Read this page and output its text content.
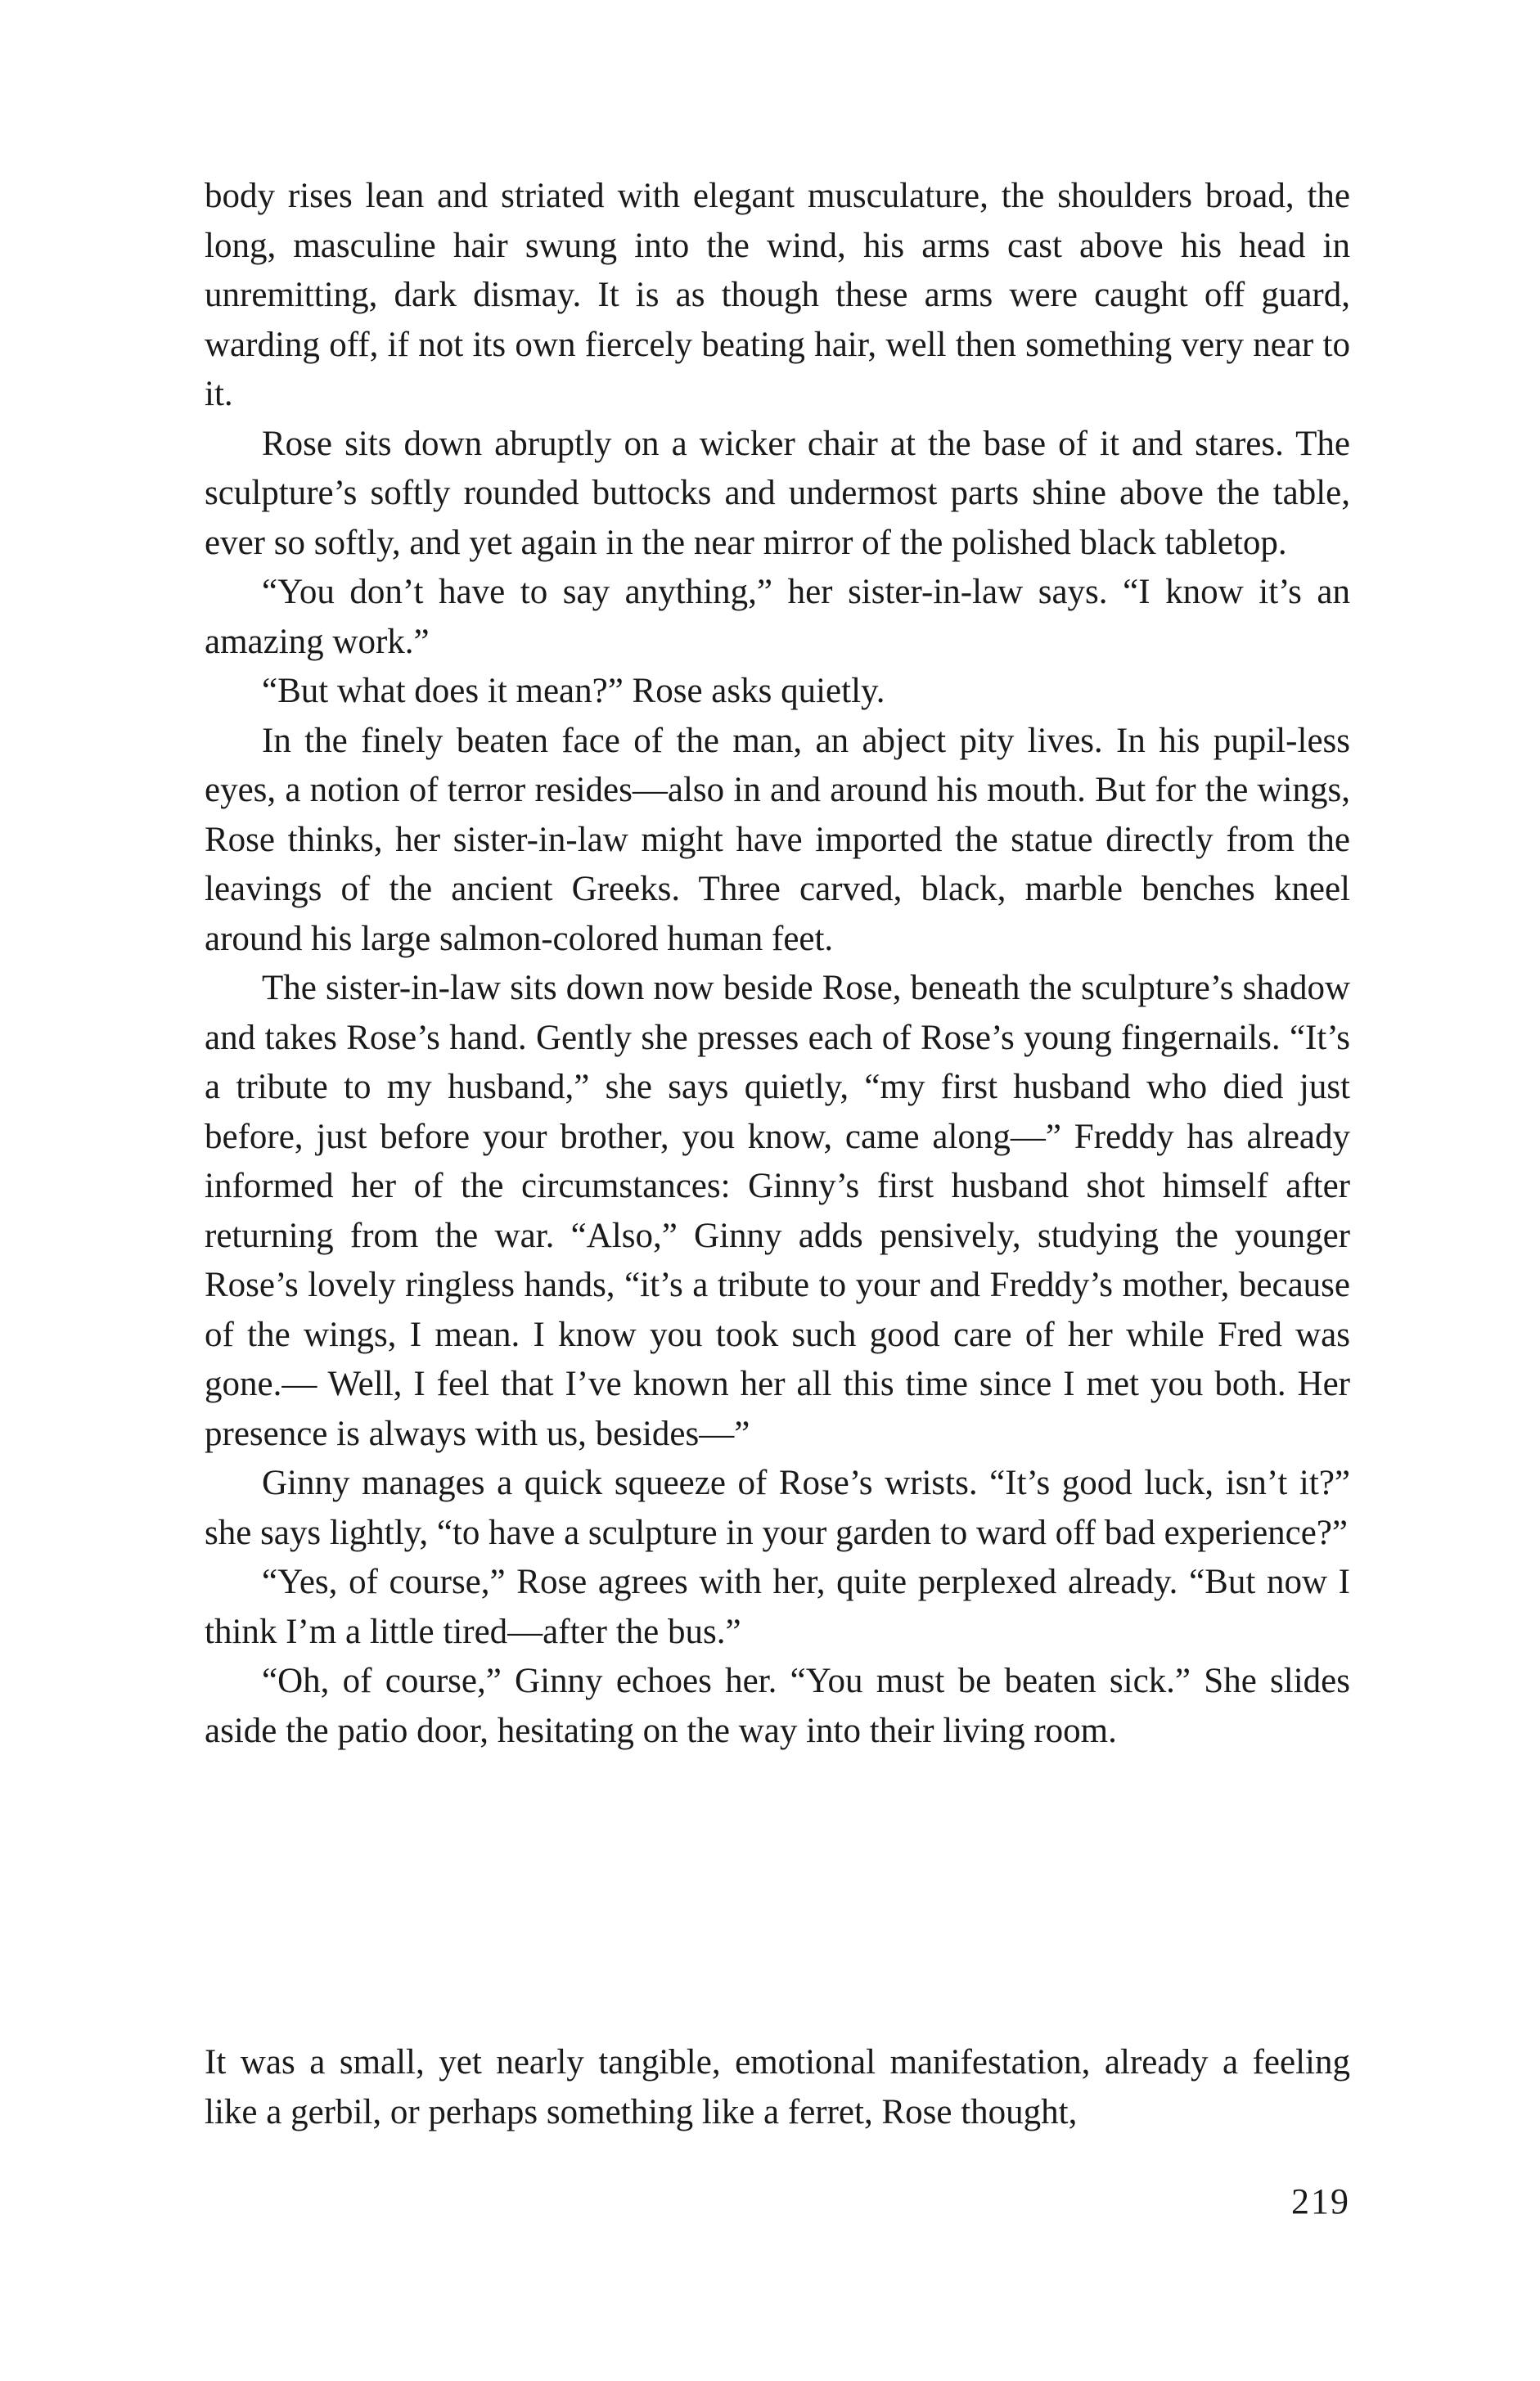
body rises lean and striated with elegant musculature, the shoulders broad, the long, masculine hair swung into the wind, his arms cast above his head in unremitting, dark dismay. It is as though these arms were caught off guard, warding off, if not its own fiercely beating hair, well then something very near to it.

Rose sits down abruptly on a wicker chair at the base of it and stares. The sculpture’s softly rounded buttocks and undermost parts shine above the table, ever so softly, and yet again in the near mirror of the polished black tabletop.

“You don’t have to say anything,” her sister-in-law says. “I know it’s an amazing work.”

“But what does it mean?” Rose asks quietly.

In the finely beaten face of the man, an abject pity lives. In his pupil-less eyes, a notion of terror resides—also in and around his mouth. But for the wings, Rose thinks, her sister-in-law might have imported the statue directly from the leavings of the ancient Greeks. Three carved, black, marble benches kneel around his large salmon-colored human feet.

The sister-in-law sits down now beside Rose, beneath the sculpture’s shadow and takes Rose’s hand. Gently she presses each of Rose’s young fingernails. “It’s a tribute to my husband,” she says quietly, “my first husband who died just before, just before your brother, you know, came along—” Freddy has already informed her of the circumstances: Ginny’s first husband shot himself after returning from the war. “Also,” Ginny adds pensively, studying the younger Rose’s lovely ringless hands, “it’s a tribute to your and Freddy’s mother, because of the wings, I mean. I know you took such good care of her while Fred was gone.— Well, I feel that I’ve known her all this time since I met you both. Her presence is always with us, besides—”

Ginny manages a quick squeeze of Rose’s wrists. “It’s good luck, isn’t it?” she says lightly, “to have a sculpture in your garden to ward off bad experience?”

“Yes, of course,” Rose agrees with her, quite perplexed already. “But now I think I’m a little tired—after the bus.”

“Oh, of course,” Ginny echoes her. “You must be beaten sick.” She slides aside the patio door, hesitating on the way into their living room.

It was a small, yet nearly tangible, emotional manifestation, already a feeling like a gerbil, or perhaps something like a ferret, Rose thought,

219
